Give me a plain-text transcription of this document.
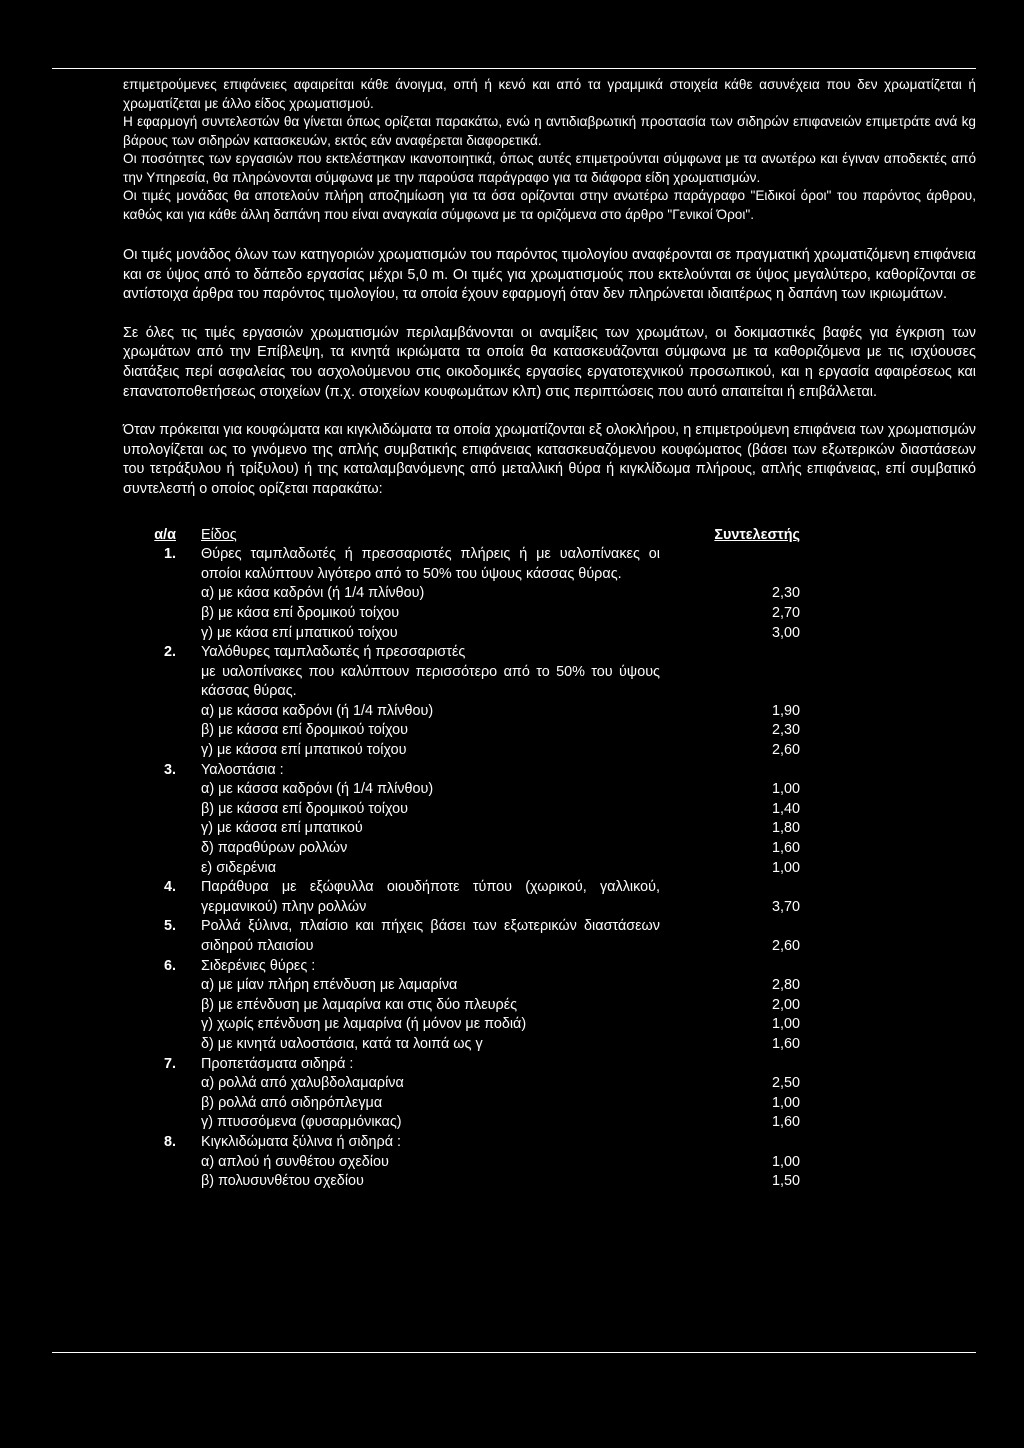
επιμετρούμενες επιφάνειες αφαιρείται κάθε άνοιγμα, οπή ή κενό και από τα γραμμικά στοιχεία κάθε ασυνέχεια που δεν χρωματίζεται ή χρωματίζεται με άλλο είδος χρωματισμού.

Η εφαρμογή συντελεστών θα γίνεται όπως ορίζεται παρακάτω, ενώ η αντιδιαβρωτική προστασία των σιδηρών επιφανειών επιμετράτε ανά kg βάρους των σιδηρών κατασκευών, εκτός εάν αναφέρεται διαφορετικά.

Οι ποσότητες των εργασιών που εκτελέστηκαν ικανοποιητικά, όπως αυτές επιμετρούνται σύμφωνα με τα ανωτέρω και έγιναν αποδεκτές από την Υπηρεσία, θα πληρώνονται σύμφωνα με την παρούσα παράγραφο για τα διάφορα είδη χρωματισμών.

Οι τιμές μονάδας θα αποτελούν πλήρη αποζημίωση για τα όσα ορίζονται στην ανωτέρω παράγραφο "Ειδικοί όροι" του παρόντος άρθρου, καθώς και για κάθε άλλη δαπάνη που είναι αναγκαία σύμφωνα με τα οριζόμενα στο άρθρο "Γενικοί Όροι".

Οι τιμές μονάδος όλων των κατηγοριών χρωματισμών του παρόντος τιμολογίου αναφέρονται σε πραγματική χρωματιζόμενη επιφάνεια και σε ύψος από το δάπεδο εργασίας μέχρι 5,0 m. Οι τιμές για χρωματισμούς που εκτελούνται σε ύψος μεγαλύτερο, καθορίζονται σε αντίστοιχα άρθρα του παρόντος τιμολογίου, τα οποία έχουν εφαρμογή όταν δεν πληρώνεται ιδιαιτέρως η δαπάνη των ικριωμάτων.

Σε όλες τις τιμές εργασιών χρωματισμών περιλαμβάνονται οι αναμίξεις των χρωμάτων, οι δοκιμαστικές βαφές για έγκριση των χρωμάτων από την Επίβλεψη, τα κινητά ικριώματα τα οποία θα κατασκευάζονται σύμφωνα με τα καθοριζόμενα με τις ισχύουσες διατάξεις περί ασφαλείας του ασχολούμενου στις οικοδομικές εργασίες εργατοτεχνικού προσωπικού, και η εργασία αφαιρέσεως και επανατοποθετήσεως στοιχείων (π.χ. στοιχείων κουφωμάτων κλπ) στις περιπτώσεις που αυτό απαιτείται ή επιβάλλεται.

Όταν πρόκειται για κουφώματα και κιγκλιδώματα τα οποία χρωματίζονται εξ ολοκλήρου, η επιμετρούμενη επιφάνεια των χρωματισμών υπολογίζεται ως το γινόμενο της απλής συμβατικής επιφάνειας κατασκευαζόμενου κουφώματος (βάσει των εξωτερικών διαστάσεων του τετράξυλου ή τρίξυλου) ή της καταλαμβανόμενης από μεταλλική θύρα ή κιγκλίδωμα πλήρους, απλής επιφάνειας, επί συμβατικό συντελεστή ο οποίος ορίζεται παρακάτω:

α/α	Είδος	Συντελεστής
1.	Θύρες ταμπλαδωτές ή πρεσσαριστές πλήρεις ή με υαλοπίνακες οι οποίοι καλύπτουν λιγότερο από το 50% του ύψους κάσσας θύρας.
α) με κάσα καδρόνι (ή 1/4 πλίνθου)	2,30
β) με κάσα επί δρομικού τοίχου	2,70
γ) με κάσα επί μπατικού τοίχου	3,00
2.	Υαλόθυρες ταμπλαδωτές ή πρεσσαριστές
με υαλοπίνακες που καλύπτουν περισσότερο από το 50% του ύψους κάσσας θύρας.
α) με κάσσα καδρόνι (ή 1/4 πλίνθου)	1,90
β) με κάσσα επί δρομικού τοίχου	2,30
γ) με κάσσα επί μπατικού τοίχου	2,60
3.	Υαλοστάσια :
α) με κάσσα καδρόνι (ή 1/4 πλίνθου)	1,00
β) με κάσσα επί δρομικού τοίχου	1,40
γ) με κάσσα επί μπατικού	1,80
δ) παραθύρων ρολλών	1,60
ε) σιδερένια	1,00
4.	Παράθυρα με εξώφυλλα οιουδήποτε τύπου (χωρικού, γαλλικού, γερμανικού) πλην ρολλών	3,70
5.	Ρολλά ξύλινα, πλαίσιο και πήχεις βάσει των εξωτερικών διαστάσεων σιδηρού πλαισίου	2,60
6.	Σιδερένιες θύρες :
α) με μίαν πλήρη επένδυση με λαμαρίνα	2,80
β) με επένδυση με λαμαρίνα και στις δύο πλευρές	2,00
γ) χωρίς επένδυση με λαμαρίνα (ή μόνον με ποδιά)	1,00
δ) με κινητά υαλοστάσια, κατά τα λοιπά ως γ	1,60
7.	Προπετάσματα σιδηρά :
α) ρολλά από χαλυβδολαμαρίνα	2,50
β) ρολλά από σιδηρόπλεγμα	1,00
γ) πτυσσόμενα (φυσαρμόνικας)	1,60
8.	Κιγκλιδώματα ξύλινα ή σιδηρά :
α) απλού ή συνθέτου σχεδίου	1,00
β) πολυσυνθέτου σχεδίου	1,50
